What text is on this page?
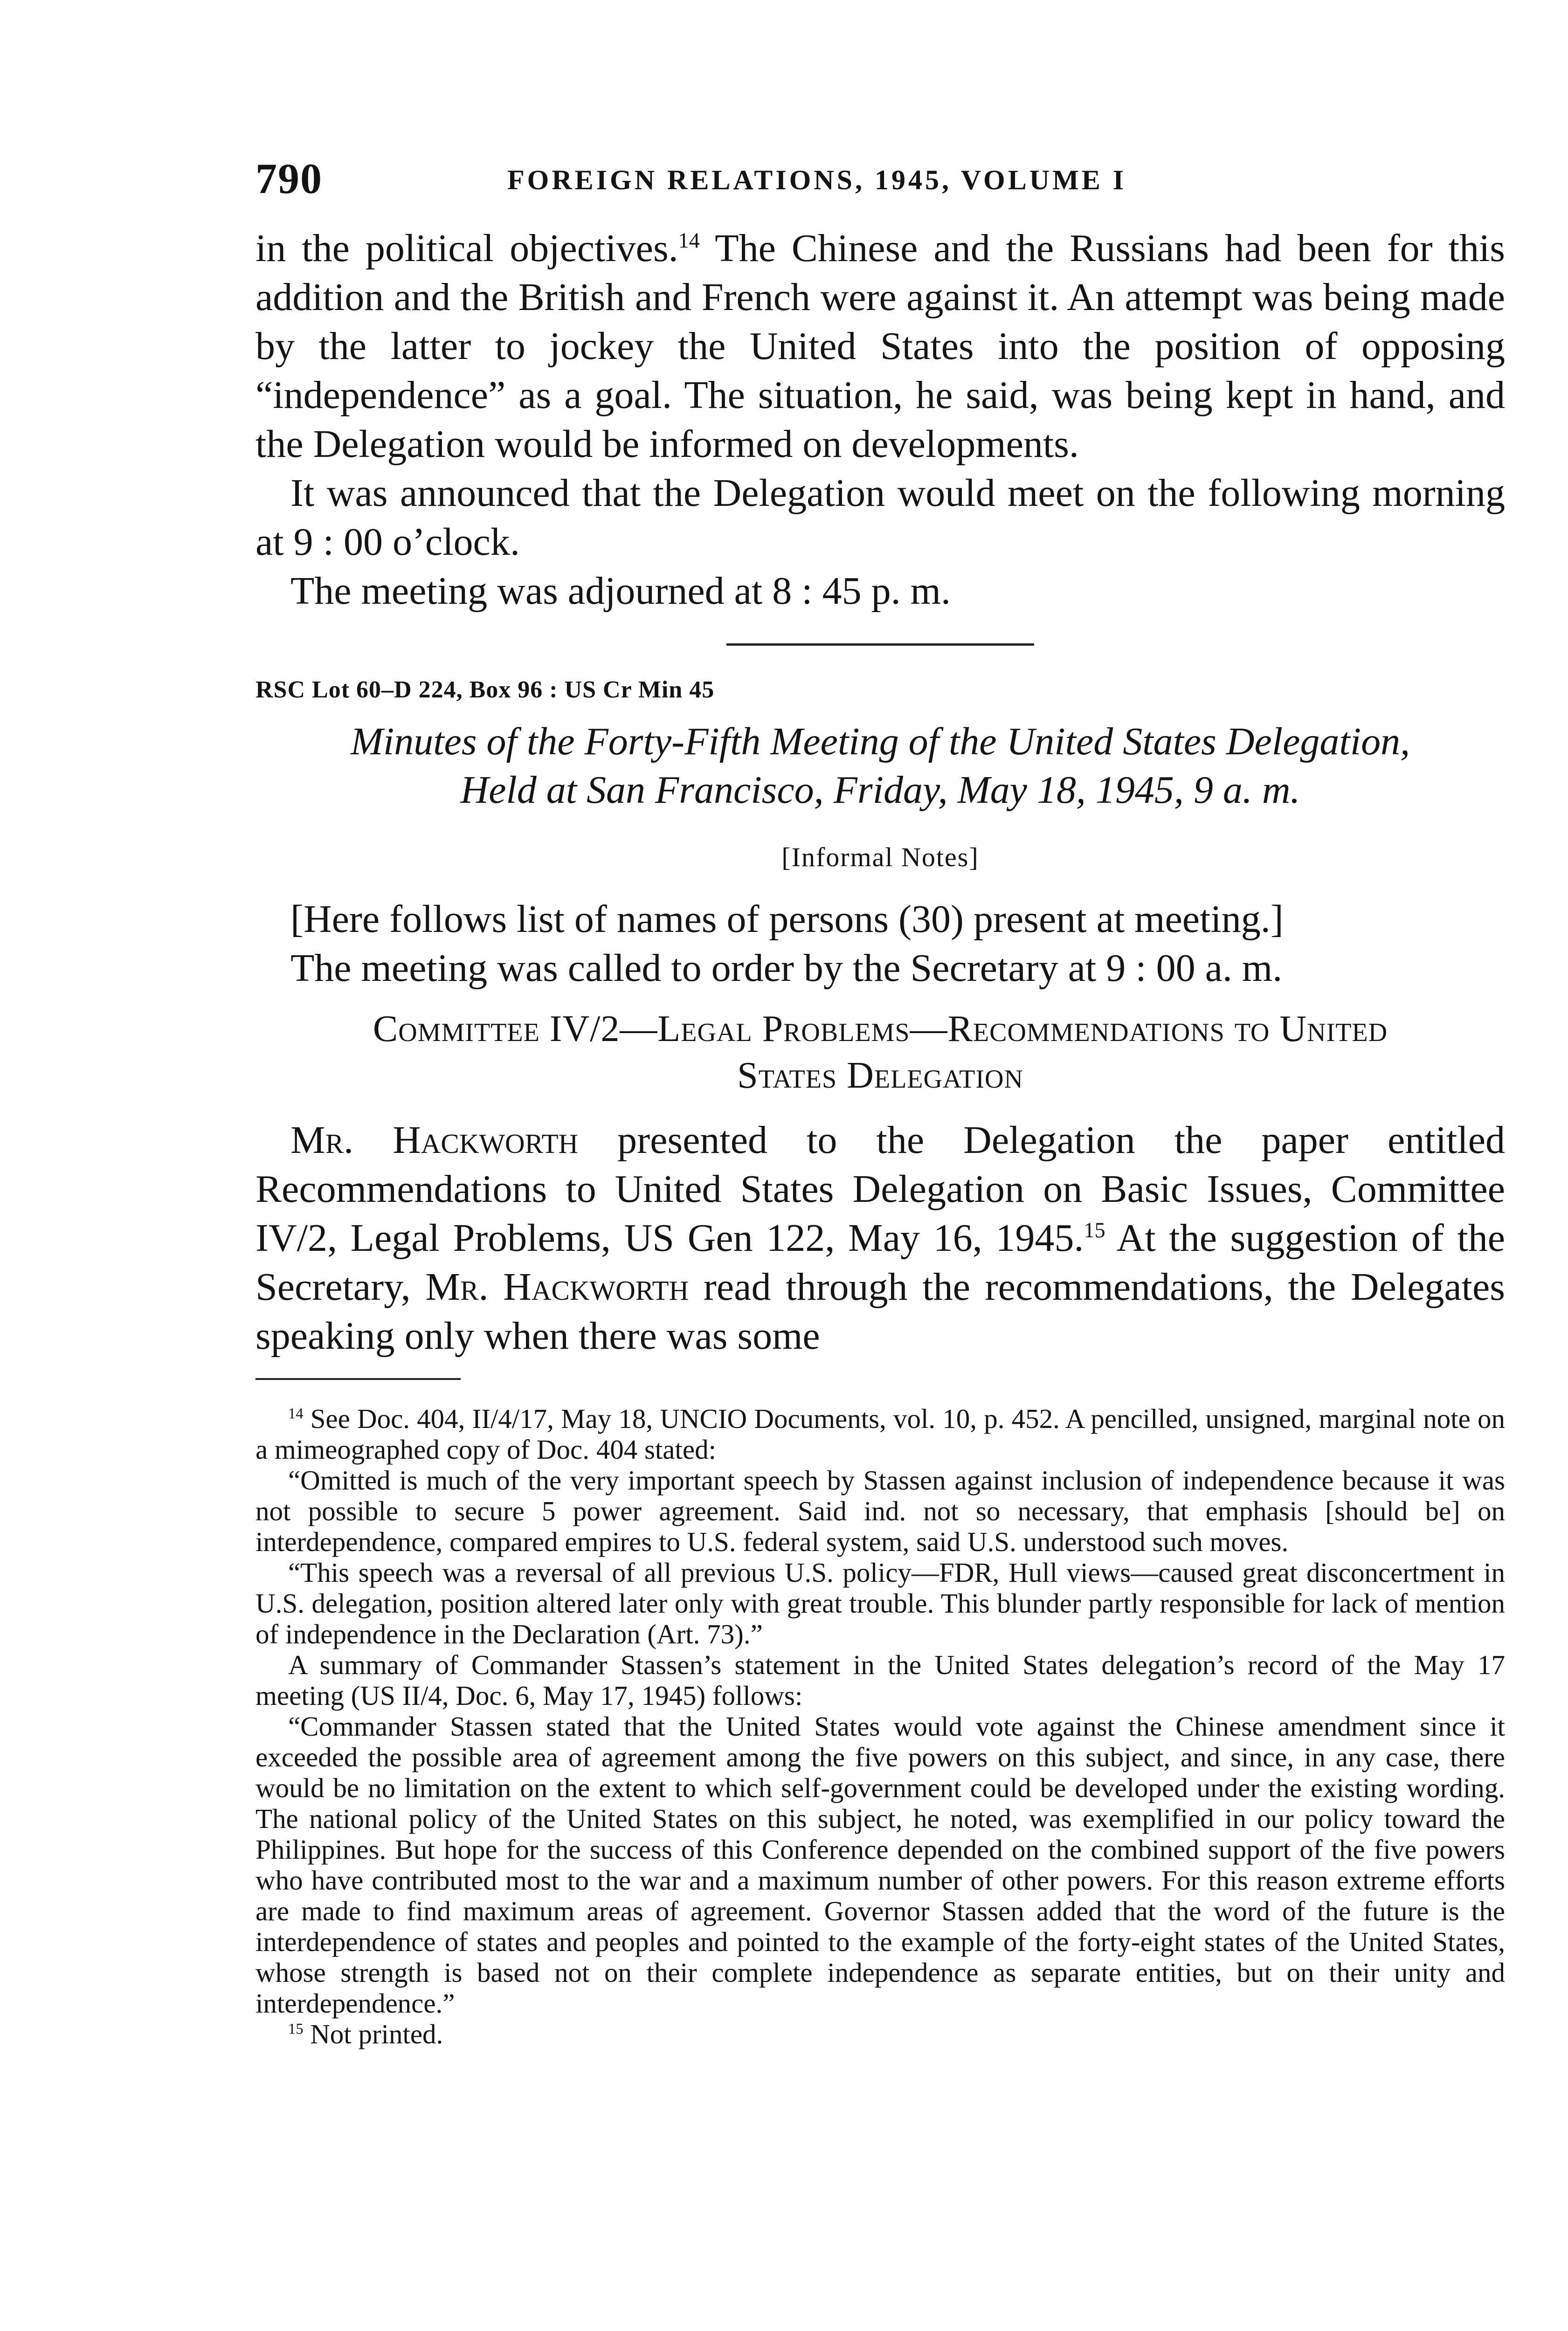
790	FOREIGN RELATIONS, 1945, VOLUME I

in the political objectives.$^{14}$ The Chinese and the Russians had been for this addition and the British and French were against it. An attempt was being made by the latter to jockey the United States into the position of opposing “independence” as a goal. The situation, he said, was being kept in hand, and the Delegation would be informed on developments.

It was announced that the Delegation would meet on the following morning at 9 : 00 o’clock.

The meeting was adjourned at 8 : 45 p. m.

RSC Lot 60–D 224, Box 96 : US Cr Min 45

Minutes of the Forty-Fifth Meeting of the United States Delegation,
Held at San Francisco, Friday, May 18, 1945, 9 a. m.

[Informal Notes]

[Here follows list of names of persons (30) present at meeting.]

The meeting was called to order by the Secretary at 9 : 00 a. m.

Committee IV/2—Legal Problems—Recommendations to United
States Delegation

Mr. Hackworth presented to the Delegation the paper entitled Recommendations to United States Delegation on Basic Issues, Committee IV/2, Legal Problems, US Gen 122, May 16, 1945.15 At the suggestion of the Secretary, Mr. Hackworth read through the recommendations, the Delegates speaking only when there was some

$^{14}$ See Doc. 404, II/4/17, May 18, UNCIO Documents, vol. 10, p. 452. A pencilled, unsigned, marginal note on a mimeographed copy of Doc. 404 stated:

“Omitted is much of the very important speech by Stassen against inclusion of independence because it was not possible to secure 5 power agreement. Said ind. not so necessary, that emphasis [should be] on interdependence, compared empires to U.S. federal system, said U.S. understood such moves.

“This speech was a reversal of all previous U.S. policy—FDR, Hull views—caused great disconcertment in U.S. delegation, position altered later only with great trouble. This blunder partly responsible for lack of mention of independence in the Declaration (Art. 73).”

A summary of Commander Stassen’s statement in the United States delegation’s record of the May 17 meeting (US II/4, Doc. 6, May 17, 1945) follows:

“Commander Stassen stated that the United States would vote against the Chinese amendment since it exceeded the possible area of agreement among the five powers on this subject, and since, in any case, there would be no limitation on the extent to which self-government could be developed under the existing wording. The national policy of the United States on this subject, he noted, was exemplified in our policy toward the Philippines. But hope for the success of this Conference depended on the combined support of the five powers who have contributed most to the war and a maximum number of other powers. For this reason extreme efforts are made to find maximum areas of agreement. Governor Stassen added that the word of the future is the interdependence of states and peoples and pointed to the example of the forty-eight states of the United States, whose strength is based not on their complete independence as separate entities, but on their unity and interdependence.”

$^{15}$ Not printed.
